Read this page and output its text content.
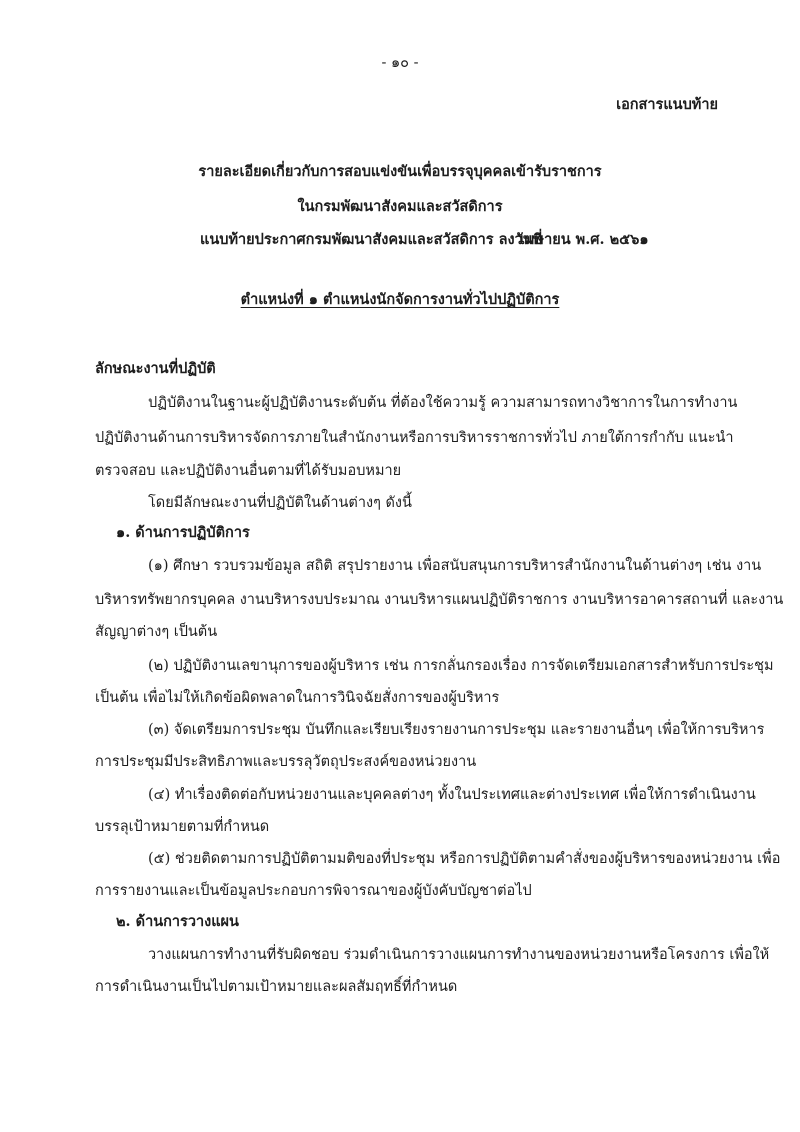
- ๑๐ -

เอกสารแนบท้าย

รายละเอียดเกี่ยวกับการสอบแข่งขันเพื่อบรรจุบุคคลเข้ารับราชการ

ในกรมพัฒนาสังคมและสวัสดิการ

แนบท้ายประกาศกรมพัฒนาสังคมและสวัสดิการ ลงวันที่

เมษายน พ.ศ. ๒๕๖๑

ตำแหน่งที่ ๑ ตำแหน่งนักจัดการงานทั่วไปปฏิบัติการ

ลักษณะงานที่ปฏิบัติ

ปฏิบัติงานในฐานะผู้ปฏิบัติงานระดับต้น ที่ต้องใช้ความรู้ ความสามารถทางวิชาการในการทำงาน

ปฏิบัติงานด้านการบริหารจัดการภายในสำนักงานหรือการบริหารราชการทั่วไป ภายใต้การกำกับ แนะนำ

ตรวจสอบ และปฏิบัติงานอื่นตามที่ได้รับมอบหมาย

โดยมีลักษณะงานที่ปฏิบัติในด้านต่างๆ ดังนี้

๑. ด้านการปฏิบัติการ

(๑) ศึกษา รวบรวมข้อมูล สถิติ สรุปรายงาน เพื่อสนับสนุนการบริหารสำนักงานในด้านต่างๆ เช่น งาน

บริหารทรัพยากรบุคคล งานบริหารงบประมาณ งานบริหารแผนปฏิบัติราชการ งานบริหารอาคารสถานที่ และงาน

สัญญาต่างๆ เป็นต้น

(๒) ปฏิบัติงานเลขานุการของผู้บริหาร เช่น การกลั่นกรองเรื่อง การจัดเตรียมเอกสารสำหรับการประชุม

เป็นต้น เพื่อไม่ให้เกิดข้อผิดพลาดในการวินิจฉัยสั่งการของผู้บริหาร

(๓) จัดเตรียมการประชุม บันทึกและเรียบเรียงรายงานการประชุม และรายงานอื่นๆ เพื่อให้การบริหาร

การประชุมมีประสิทธิภาพและบรรลุวัตถุประสงค์ของหน่วยงาน

(๔) ทำเรื่องติดต่อกับหน่วยงานและบุคคลต่างๆ ทั้งในประเทศและต่างประเทศ เพื่อให้การดำเนินงาน

บรรลุเป้าหมายตามที่กำหนด

(๕) ช่วยติดตามการปฏิบัติตามมติของที่ประชุม หรือการปฏิบัติตามคำสั่งของผู้บริหารของหน่วยงาน เพื่อ

การรายงานและเป็นข้อมูลประกอบการพิจารณาของผู้บังคับบัญชาต่อไป

๒. ด้านการวางแผน

วางแผนการทำงานที่รับผิดชอบ ร่วมดำเนินการวางแผนการทำงานของหน่วยงานหรือโครงการ เพื่อให้

การดำเนินงานเป็นไปตามเป้าหมายและผลสัมฤทธิ์ที่กำหนด
